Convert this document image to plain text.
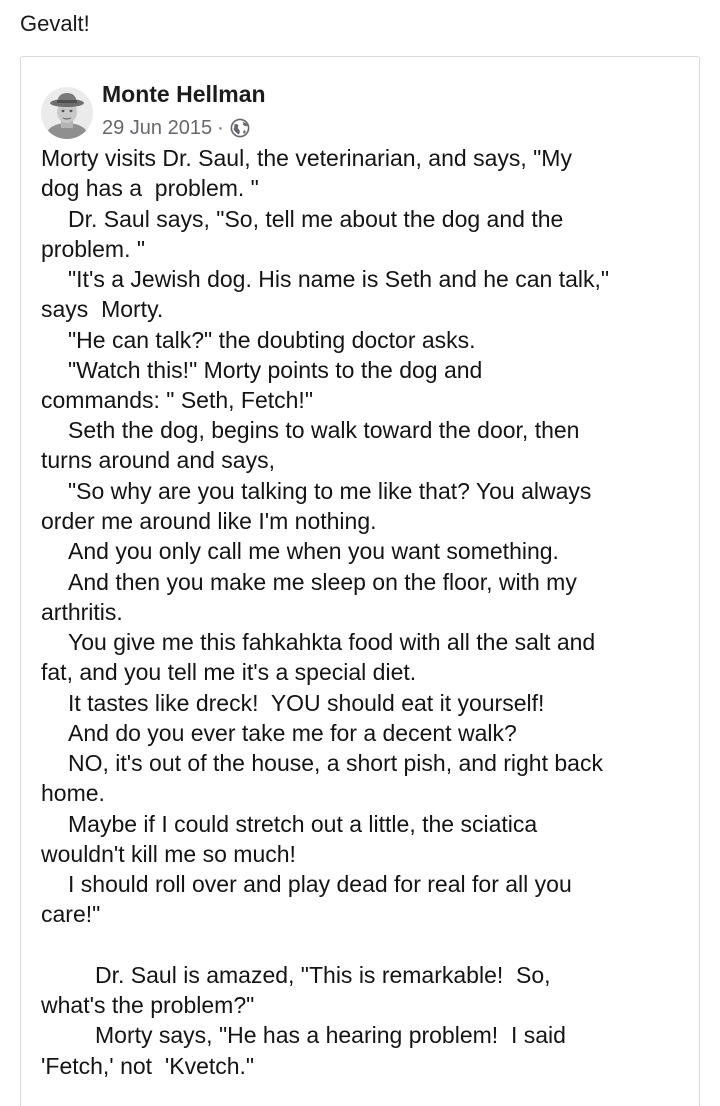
Gevalt!
Monte Hellman
29 Jun 2015 ·
Morty visits Dr. Saul, the veterinarian, and says, "My
dog has a  problem. "
Dr. Saul says, "So, tell me about the dog and the
problem. "
"It's a Jewish dog. His name is Seth and he can talk,"
says  Morty.
"He can talk?" the doubting doctor asks.
"Watch this!" Morty points to the dog and
commands: " Seth, Fetch!"
Seth the dog, begins to walk toward the door, then
turns around and says,
"So why are you talking to me like that? You always
order me around like I'm nothing.
And you only call me when you want something.
And then you make me sleep on the floor, with my
arthritis.
You give me this fahkahkta food with all the salt and
fat, and you tell me it's a special diet.
It tastes like dreck!  YOU should eat it yourself!
And do you ever take me for a decent walk?
NO, it's out of the house, a short pish, and right back
home.
Maybe if I could stretch out a little, the sciatica
wouldn't kill me so much!
I should roll over and play dead for real for all you
care!"
Dr. Saul is amazed, "This is remarkable!  So,
what's the problem?"
Morty says, "He has a hearing problem!  I said
'Fetch,' not  'Kvetch."
